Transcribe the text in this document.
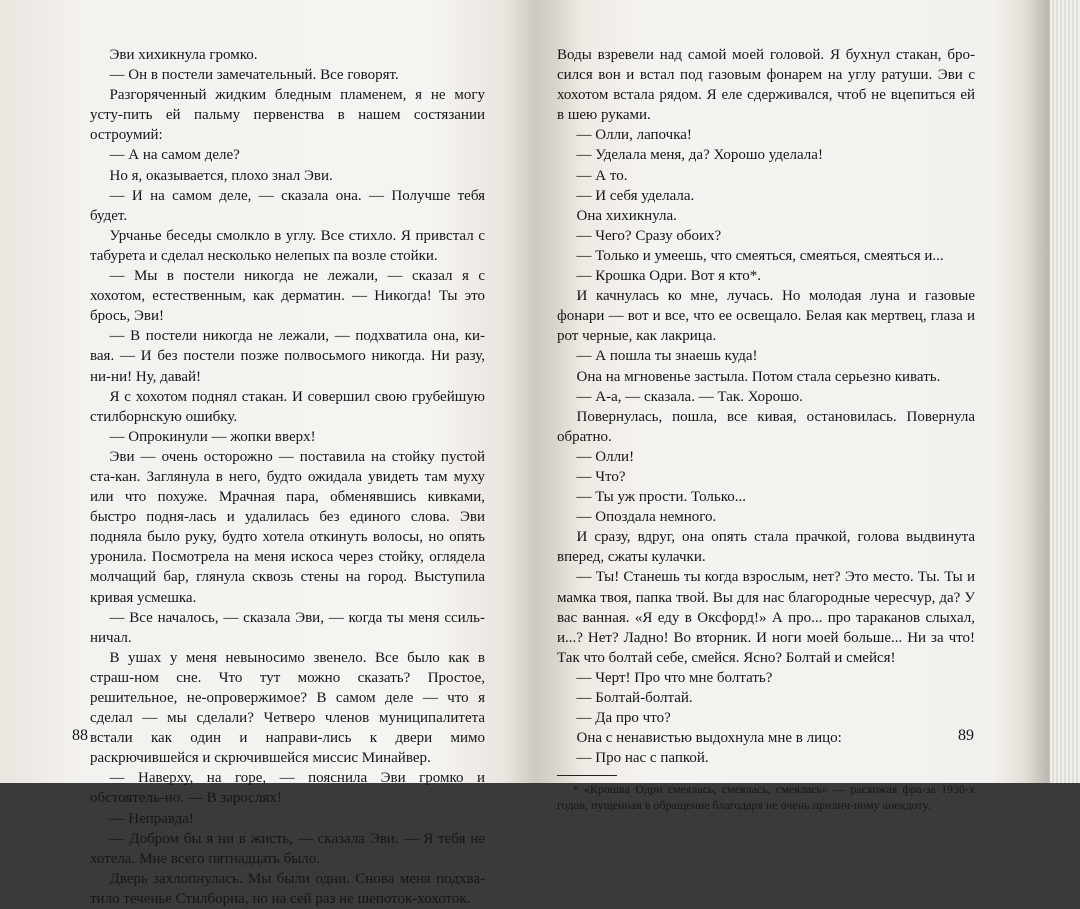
Эви хихикнула громко.

— Он в постели замечательный. Все говорят.

Разгоряченный жидким бледным пламенем, я не могу усту-пить ей пальму первенства в нашем состязании остроумий:

— А на самом деле?

Но я, оказывается, плохо знал Эви.

— И на самом деле, — сказала она. — Получше тебя будет.

Урчанье беседы смолкло в углу. Все стихло. Я привстал с табурета и сделал несколько нелепых па возле стойки.

— Мы в постели никогда не лежали, — сказал я с хохотом, естественным, как дерматин. — Никогда! Ты это брось, Эви!

— В постели никогда не лежали, — подхватила она, ки-вая. — И без постели позже полвосьмого никогда. Ни разу, ни-ни! Ну, давай!

Я с хохотом поднял стакан. И совершил свою грубейшую стилборнскую ошибку.

— Опрокинули — жопки вверх!

Эви — очень осторожно — поставила на стойку пустой ста-кан. Заглянула в него, будто ожидала увидеть там муху или что похуже. Мрачная пара, обменявшись кивками, быстро подня-лась и удалилась без единого слова. Эви подняла было руку, будто хотела откинуть волосы, но опять уронила. Посмотрела на меня искоса через стойку, оглядела молчащий бар, глянула сквозь стены на город. Выступила кривая усмешка.

— Все началось, — сказала Эви, — когда ты меня ссиль-ничал.

В ушах у меня невыносимо звенело. Все было как в страш-ном сне. Что тут можно сказать? Простое, решительное, не-опровержимое? В самом деле — что я сделал — мы сделали? Четверо членов муниципалитета встали как один и направи-лись к двери мимо раскрючившейся и скрючившейся миссис Минайвер.

— Наверху, на горе, — пояснила Эви громко и обстоятель-но. — В зарослях!

— Неправда!

— Добром бы я ни в жисть, — сказала Эви. — Я тебя не хотела. Мне всего пятнадцать было.

Дверь захлопнулась. Мы были одни. Снова меня подхва-тило теченье Стилборна, но на сей раз не шепоток-хохоток.

88

Воды взревели над самой моей головой. Я бухнул стакан, бро-сился вон и встал под газовым фонарем на углу ратуши. Эви с хохотом встала рядом. Я еле сдерживался, чтоб не вцепиться ей в шею руками.

— Олли, лапочка!

— Уделала меня, да? Хорошо уделала!

— А то.

— И себя уделала.

Она хихикнула.

— Чего? Сразу обоих?

— Только и умеешь, что смеяться, смеяться, смеяться и...

— Крошка Одри. Вот я кто*.

И качнулась ко мне, лучась. Но молодая луна и газовые фонари — вот и все, что ее освещало. Белая как мертвец, глаза и рот черные, как лакрица.

— А пошла ты знаешь куда!

Она на мгновенье застыла. Потом стала серьезно кивать.

— А-а, — сказала. — Так. Хорошо.

Повернулась, пошла, все кивая, остановилась. Повернула обратно.

— Олли!

— Что?

— Ты уж прости. Только...

— Опоздала немного.

И сразу, вдруг, она опять стала прачкой, голова выдвинута вперед, сжаты кулачки.

— Ты! Станешь ты когда взрослым, нет? Это место. Ты. Ты и мамка твоя, папка твой. Вы для нас благородные чересчур, да? У вас ванная. «Я еду в Оксфорд!» А про... про тараканов слыхал, и...? Нет? Ладно! Во вторник. И ноги моей больше... Ни за что! Так что болтай себе, смейся. Ясно? Болтай и смейся!

— Черт! Про что мне болтать?

— Болтай-болтай.

— Да про что?

Она с ненавистью выдохнула мне в лицо:

— Про нас с папкой.

* «Крошка Одри смеялась, смеялась, смеялась» — расхожая фра-за 1930-х годов, пущенная в обращение благодаря не очень прилич-ному анекдоту.

89
